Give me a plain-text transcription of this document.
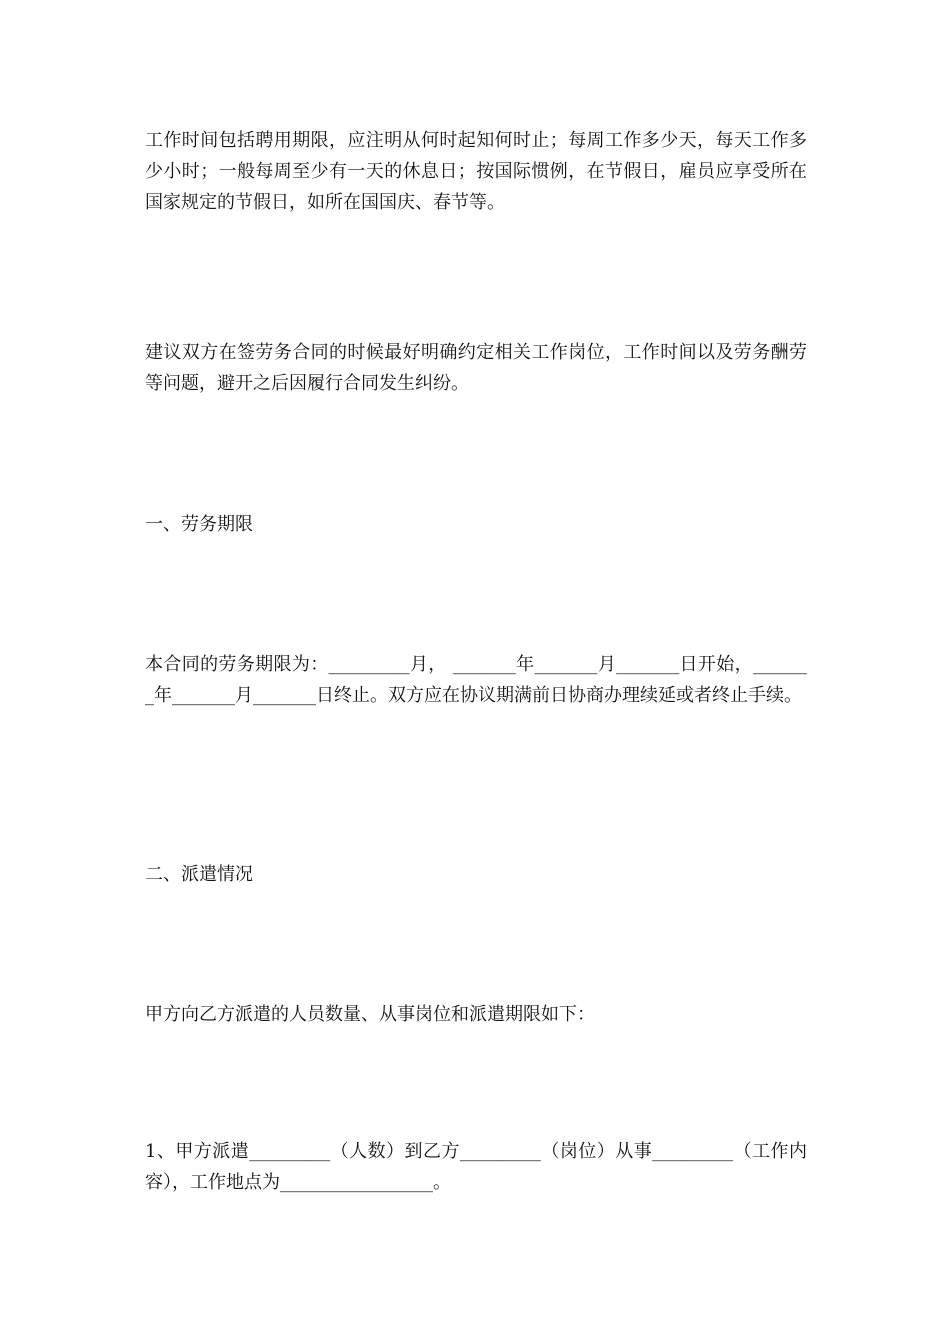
工作时间包括聘用期限，应注明从何时起知何时止；每周工作多少天，每天工作多少小时；一般每周至少有一天的休息日；按国际惯例，在节假日，雇员应享受所在国家规定的节假日，如所在国国庆、春节等。

建议双方在签劳务合同的时候最好明确约定相关工作岗位，工作时间以及劳务酬劳等问题，避开之后因履行合同发生纠纷。

一、劳务期限

本合同的劳务期限为：_________月， _______年_______月_______日开始，_______年_______月_______日终止。双方应在协议期满前日协商办理续延或者终止手续。

二、派遣情况

甲方向乙方派遣的人员数量、从事岗位和派遣期限如下：

1、甲方派遣_________（人数）到乙方_________（岗位）从事_________（工作内容），工作地点为_________________。
